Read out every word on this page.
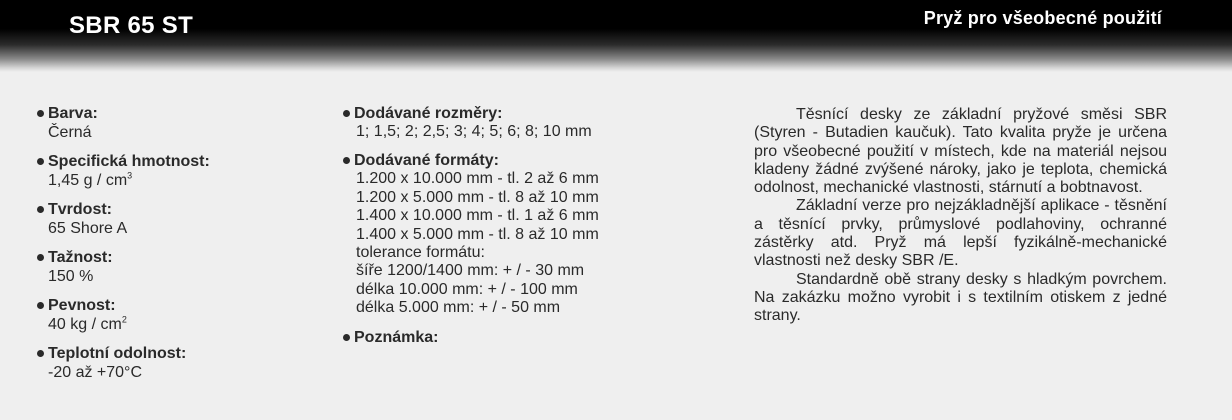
SBR 65 ST	Pryž pro všeobecné použití
Barva:
Černá
Specifická hmotnost:
1,45 g / $cm^3$
Tvrdost:
65 Shore A
Tažnost:
150 %
Pevnost:
40 kg / $cm^2$
Teplotní odolnost:
-20 až +70°C
Dodávané rozměry:
1; 1,5; 2; 2,5; 3; 4; 5; 6; 8; 10 mm
Dodávané formáty:
1.200 x 10.000 mm - tl. 2 až 6 mm
1.200 x 5.000 mm - tl. 8 až 10 mm
1.400 x 10.000 mm - tl. 1 až 6 mm
1.400 x 5.000 mm - tl. 8 až 10 mm
tolerance formátu:
šíře 1200/1400 mm: + / - 30 mm
délka 10.000 mm: + / - 100 mm
délka 5.000 mm: + / - 50 mm
Poznámka:

Těsnící desky ze základní pryžové směsi SBR (Styren - Butadien kaučuk). Tato kvalita pryže je určena pro všeobecné použití v místech, kde na materiál nejsou kladeny žádné zvýšené nároky, jako je teplota, chemická odolnost, mechanické vlastnosti, stárnutí a bobtnavost.

Základní verze pro nejzákladnější aplikace - těsnění a těsnící prvky, průmyslové podlahoviny, ochranné zástěrky atd. Pryž má lepší fyzikálně-mechanické vlastnosti než desky SBR /E.

Standardně obě strany desky s hladkým povrchem. Na zakázku možno vyrobit i s textilním otiskem z jedné strany.
